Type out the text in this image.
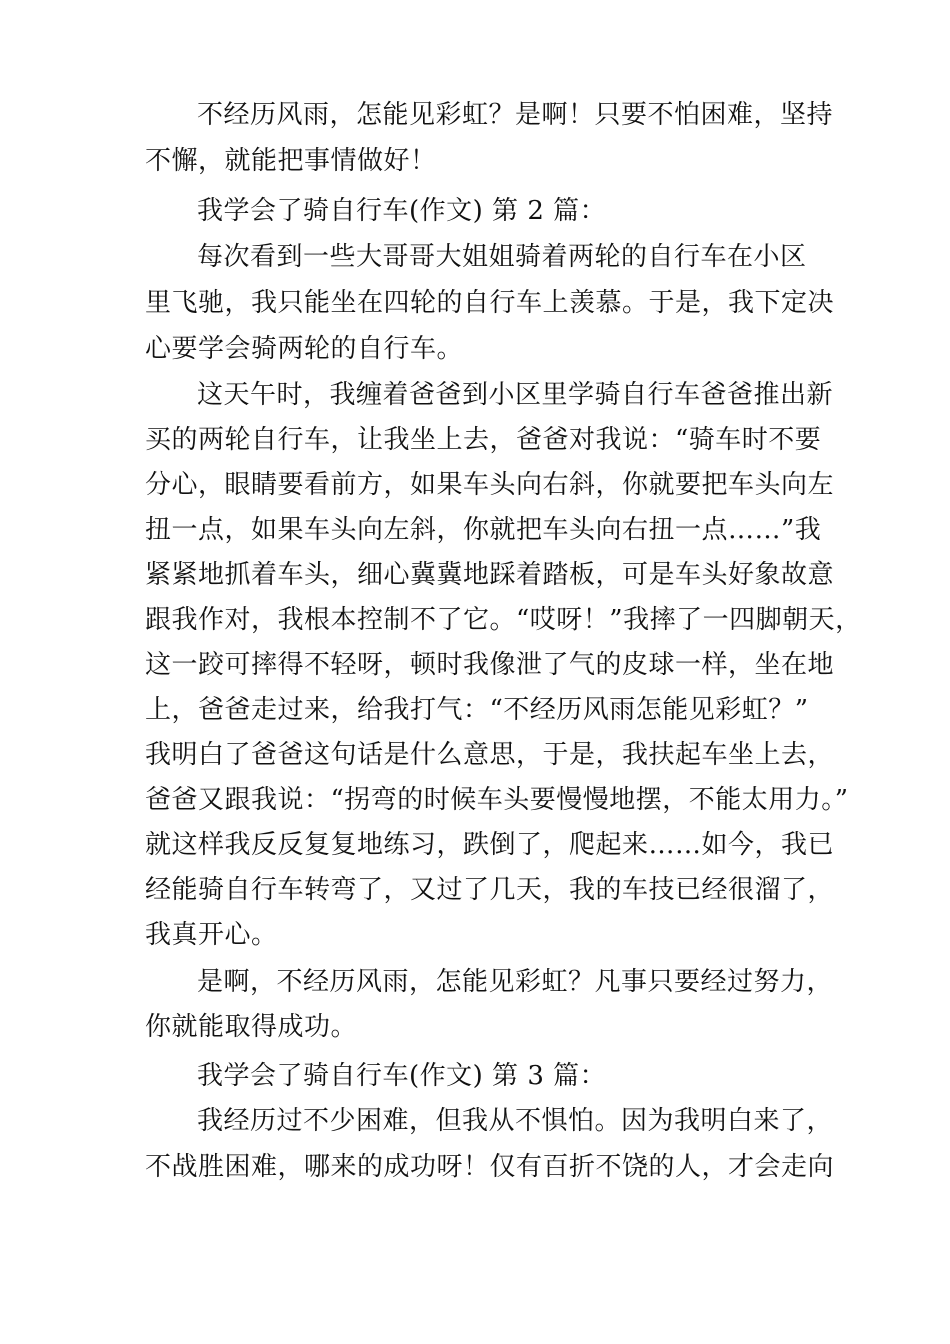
不经历风雨，怎能见彩虹？是啊！只要不怕困难，坚持
不懈，就能把事情做好！
我学会了骑自行车(作文) 第 2 篇：
每次看到一些大哥哥大姐姐骑着两轮的自行车在小区
里飞驰，我只能坐在四轮的自行车上羡慕。于是，我下定决
心要学会骑两轮的自行车。
这天午时，我缠着爸爸到小区里学骑自行车爸爸推出新
买的两轮自行车，让我坐上去，爸爸对我说：“骑车时不要
分心，眼睛要看前方，如果车头向右斜，你就要把车头向左
扭一点，如果车头向左斜，你就把车头向右扭一点……”我
紧紧地抓着车头，细心冀冀地踩着踏板，可是车头好象故意
跟我作对，我根本控制不了它。“哎呀！”我摔了一四脚朝天，
这一跤可摔得不轻呀，顿时我像泄了气的皮球一样，坐在地
上，爸爸走过来，给我打气：“不经历风雨怎能见彩虹？”
我明白了爸爸这句话是什么意思，于是，我扶起车坐上去，
爸爸又跟我说：“拐弯的时候车头要慢慢地摆，不能太用力。”
就这样我反反复复地练习，跌倒了，爬起来……如今，我已
经能骑自行车转弯了，又过了几天，我的车技已经很溜了，
我真开心。
是啊，不经历风雨，怎能见彩虹？凡事只要经过努力，
你就能取得成功。
我学会了骑自行车(作文) 第 3 篇：
我经历过不少困难，但我从不惧怕。因为我明白来了，
不战胜困难，哪来的成功呀！仅有百折不饶的人，才会走向
